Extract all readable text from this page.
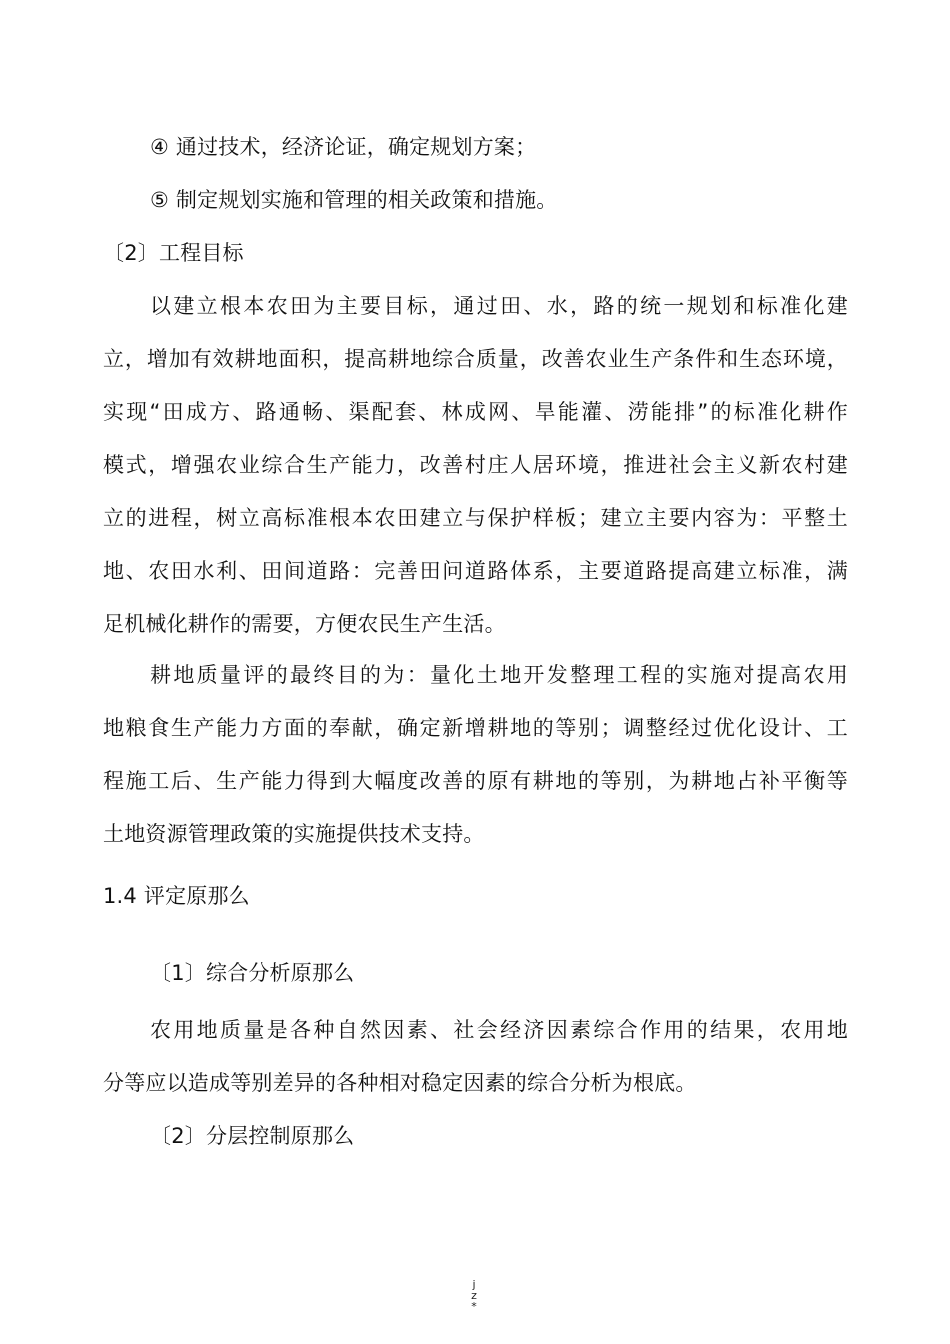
④ 通过技术，经济论证，确定规划方案；
⑤ 制定规划实施和管理的相关政策和措施。
〔2〕工程目标
以建立根本农田为主要目标，通过田、水，路的统一规划和标准化建
立，增加有效耕地面积，提高耕地综合质量，改善农业生产条件和生态环境，
实现“田成方、路通畅、渠配套、林成网、旱能灌、涝能排”的标准化耕作
模式，增强农业综合生产能力，改善村庄人居环境，推进社会主义新农村建
立的进程，树立高标准根本农田建立与保护样板；建立主要内容为：平整土
地、农田水利、田间道路：完善田问道路体系，主要道路提高建立标准，满
足机械化耕作的需要，方便农民生产生活。
耕地质量评的最终目的为：量化土地开发整理工程的实施对提高农用
地粮食生产能力方面的奉献，确定新增耕地的等别；调整经过优化设计、工
程施工后、生产能力得到大幅度改善的原有耕地的等别，为耕地占补平衡等
土地资源管理政策的实施提供技术支持。
1.4 评定原那么
〔1〕综合分析原那么
农用地质量是各种自然因素、社会经济因素综合作用的结果，农用地
分等应以造成等别差异的各种相对稳定因素的综合分析为根底。
〔2〕分层控制原那么
j
z
*
